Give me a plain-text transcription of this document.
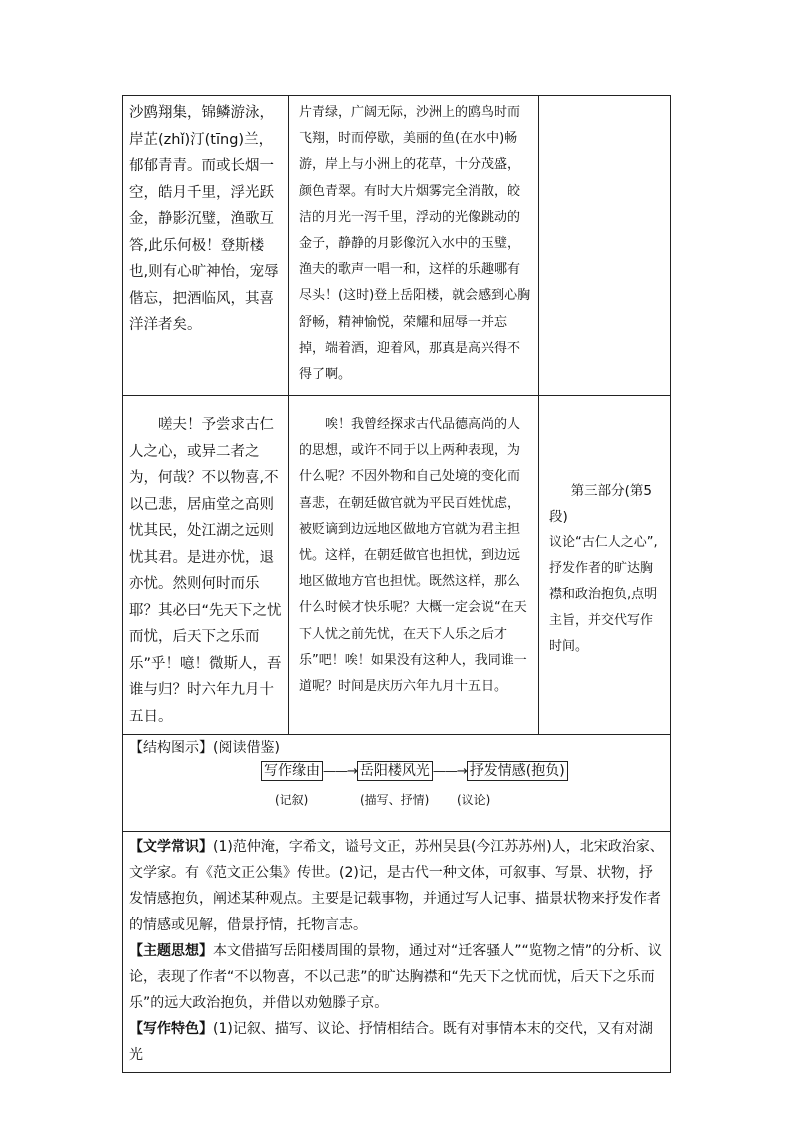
沙鸥翔集，锦鳞游泳，岸芷(zhǐ)汀(tīng)兰，郁郁青青。而或长烟一空，皓月千里，浮光跃金，静影沉璧，渔歌互答,此乐何极！登斯楼也,则有心旷神怡，宠辱偕忘，把酒临风，其喜洋洋者矣。	片青绿，广阔无际，沙洲上的鸥鸟时而飞翔，时而停歇，美丽的鱼(在水中)畅游，岸上与小洲上的花草，十分茂盛，颜色青翠。有时大片烟雾完全消散，皎洁的月光一泻千里，浮动的光像跳动的金子，静静的月影像沉入水中的玉璧，渔夫的歌声一唱一和，这样的乐趣哪有尽头！(这时)登上岳阳楼，就会感到心胸舒畅，精神愉悦，荣耀和屈辱一并忘掉，端着酒，迎着风，那真是高兴得不得了啊。	
嗟夫！予尝求古仁人之心，或异二者之为，何哉？不以物喜,不以己悲，居庙堂之高则忧其民，处江湖之远则忧其君。是进亦忧，退亦忧。然则何时而乐耶？其必曰“先天下之忧而忧，后天下之乐而乐”乎！噫！微斯人，吾谁与归？时六年九月十五日。	唉！我曾经探求古代品德高尚的人的思想，或许不同于以上两种表现，为什么呢？不因外物和自己处境的变化而喜悲，在朝廷做官就为平民百姓忧虑，被贬谪到边远地区做地方官就为君主担忧。这样，在朝廷做官也担忧，到边远地区做地方官也担忧。既然这样，那么什么时候才快乐呢？大概一定会说“在天下人忧之前先忧，在天下人乐之后才乐”吧！唉！如果没有这种人，我同谁一道呢？时间是庆历六年九月十五日。	第三部分(第5段)
议论“古仁人之心”,抒发作者的旷达胸襟和政治抱负,点明主旨，并交代写作时间。

【结构图示】(阅读借鉴)
写作缘由 ——→ 岳阳楼风光 ——→ 抒发情感(抱负)
(记叙) (描写、抒情) (议论)		

【文学常识】(1)范仲淹，字希文，谥号文正，苏州吴县(今江苏苏州)人，北宋政治家、文学家。有《范文正公集》传世。(2)记，是古代一种文体，可叙事、写景、状物，抒发情感抱负，阐述某种观点。主要是记载事物，并通过写人记事、描景状物来抒发作者的情感或见解，借景抒情，托物言志。

【主题思想】本文借描写岳阳楼周围的景物，通过对“迁客骚人”“览物之情”的分析、议论，表现了作者“不以物喜，不以己悲”的旷达胸襟和“先天下之忧而忧，后天下之乐而乐”的远大政治抱负，并借以劝勉滕子京。

【写作特色】(1)记叙、描写、议论、抒情相结合。既有对事情本末的交代，又有对湖光		
